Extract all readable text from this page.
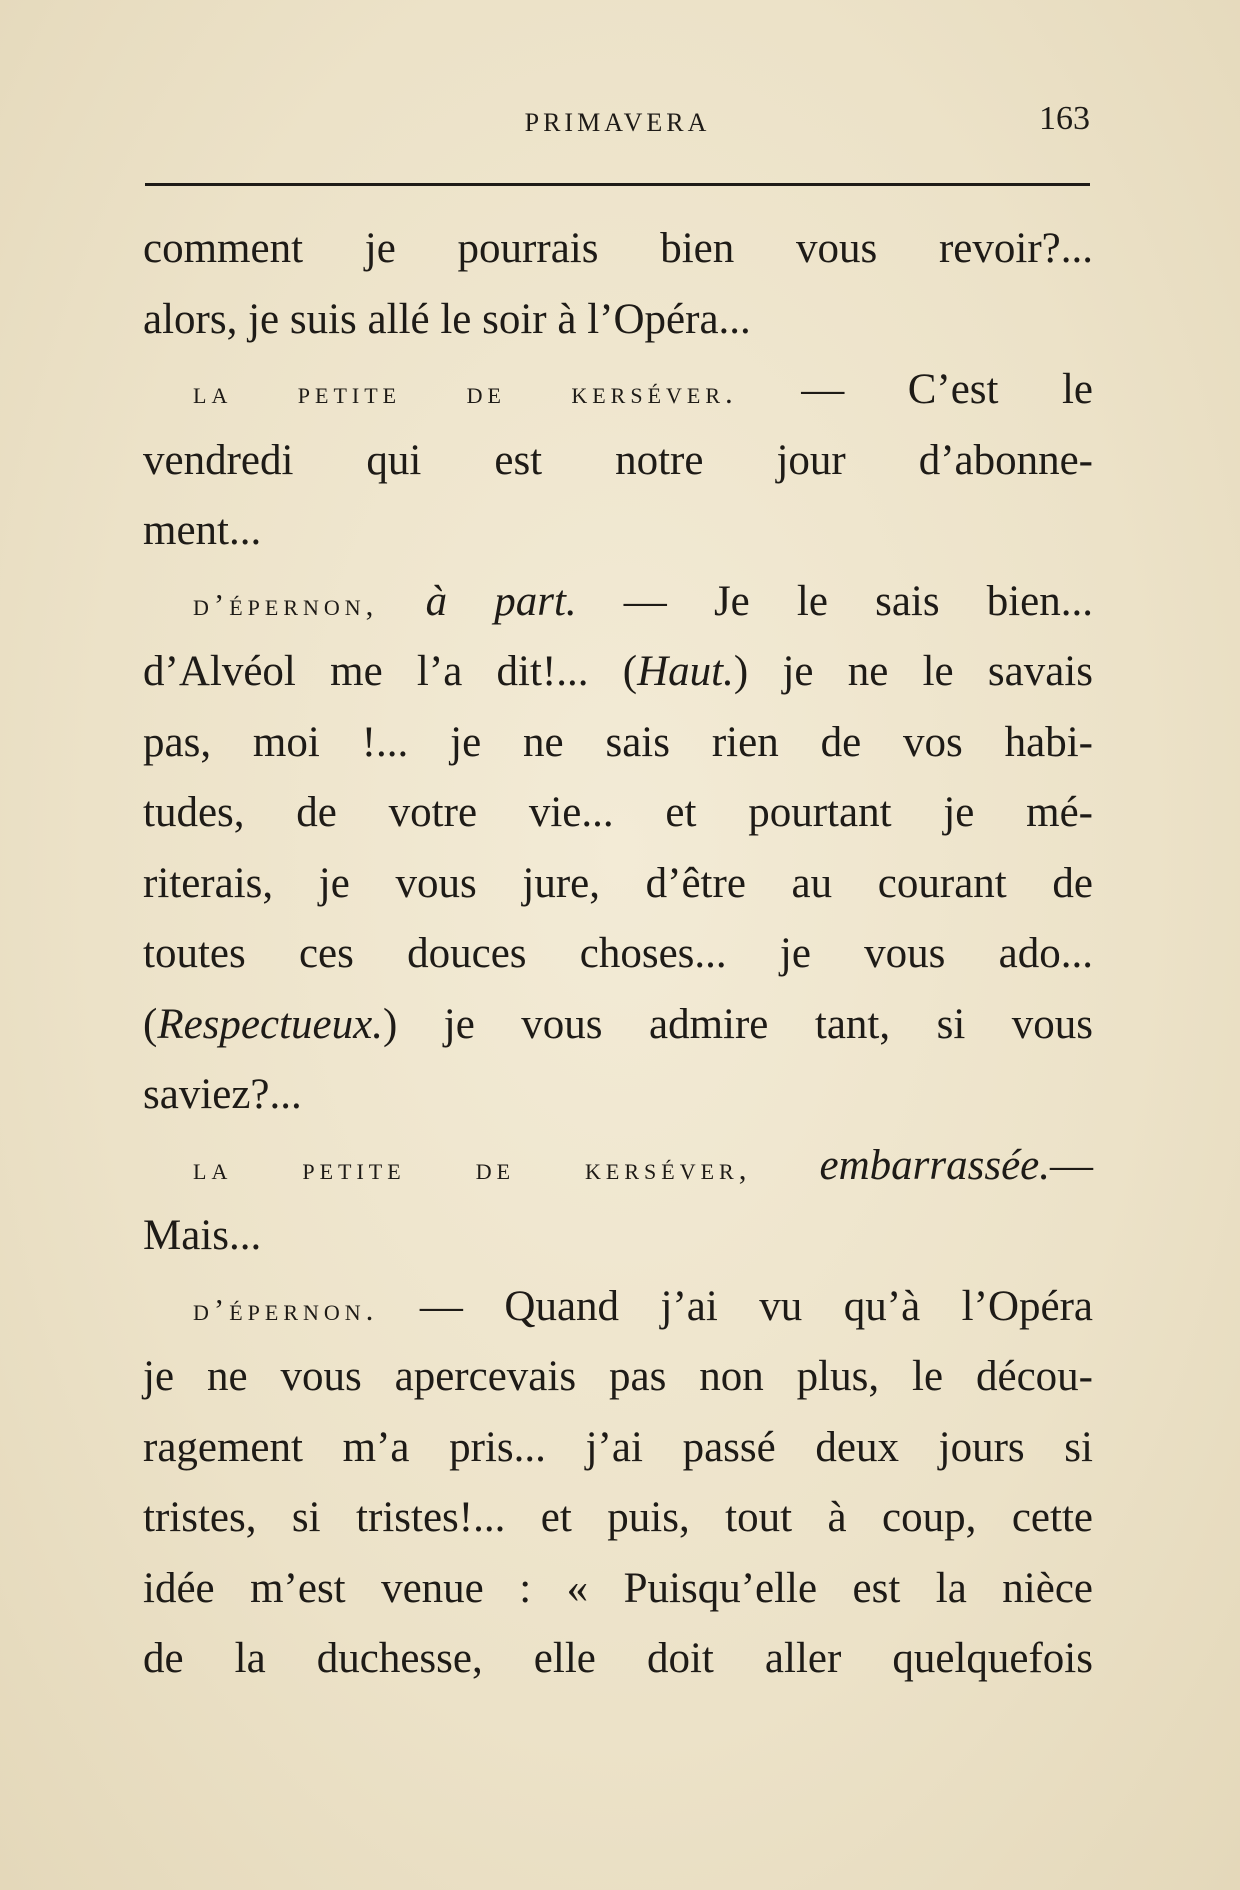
PRIMAVERA	163
comment je pourrais bien vous revoir?...
alors, je suis allé le soir à l’Opéra...
la petite de kerséver. — C’est le
vendredi qui est notre jour d’abonne-
ment...
d’épernon, à part. — Je le sais bien...
d’Alvéol me l’a dit!... (Haut.) je ne le savais
pas, moi !... je ne sais rien de vos habi-
tudes, de votre vie... et pourtant je mé-
riterais, je vous jure, d’être au courant de
toutes ces douces choses... je vous ado...
(Respectueux.) je vous admire tant, si vous
saviez?...
la petite de kerséver, embarrassée.—
Mais...
d’épernon. — Quand j’ai vu qu’à l’Opéra
je ne vous apercevais pas non plus, le décou-
ragement m’a pris... j’ai passé deux jours si
tristes, si tristes!... et puis, tout à coup, cette
idée m’est venue : « Puisqu’elle est la nièce
de la duchesse, elle doit aller quelquefois
